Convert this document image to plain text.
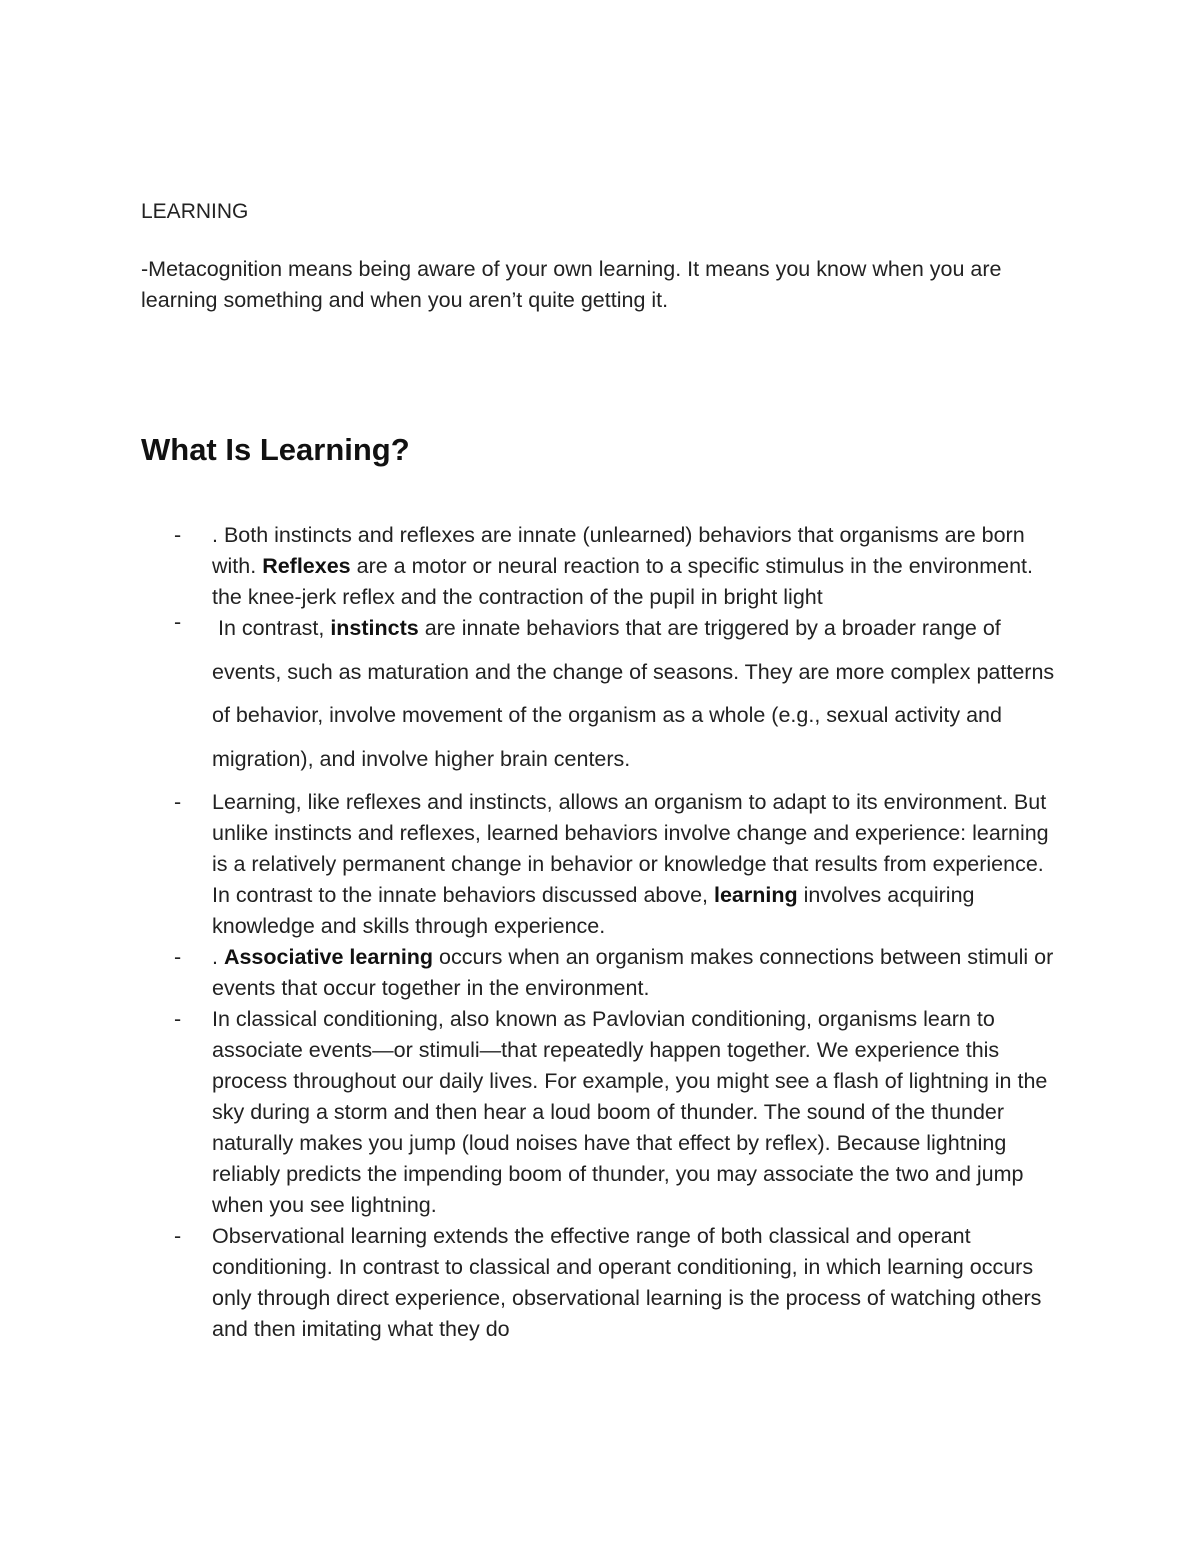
LEARNING
-Metacognition means being aware of your own learning. It means you know when you are learning something and when you aren’t quite getting it.
What Is Learning?
-	. Both instincts and reflexes are innate (unlearned) behaviors that organisms are born with. Reflexes are a motor or neural reaction to a specific stimulus in the environment. the knee-jerk reflex and the contraction of the pupil in bright light
-	In contrast, instincts are innate behaviors that are triggered by a broader range of events, such as maturation and the change of seasons. They are more complex patterns of behavior, involve movement of the organism as a whole (e.g., sexual activity and migration), and involve higher brain centers.
-	Learning, like reflexes and instincts, allows an organism to adapt to its environment. But unlike instincts and reflexes, learned behaviors involve change and experience: learning is a relatively permanent change in behavior or knowledge that results from experience. In contrast to the innate behaviors discussed above, learning involves acquiring knowledge and skills through experience.
-	. Associative learning occurs when an organism makes connections between stimuli or events that occur together in the environment.
-	In classical conditioning, also known as Pavlovian conditioning, organisms learn to associate events—or stimuli—that repeatedly happen together. We experience this process throughout our daily lives. For example, you might see a flash of lightning in the sky during a storm and then hear a loud boom of thunder. The sound of the thunder naturally makes you jump (loud noises have that effect by reflex). Because lightning reliably predicts the impending boom of thunder, you may associate the two and jump when you see lightning.
-	Observational learning extends the effective range of both classical and operant conditioning. In contrast to classical and operant conditioning, in which learning occurs only through direct experience, observational learning is the process of watching others and then imitating what they do
